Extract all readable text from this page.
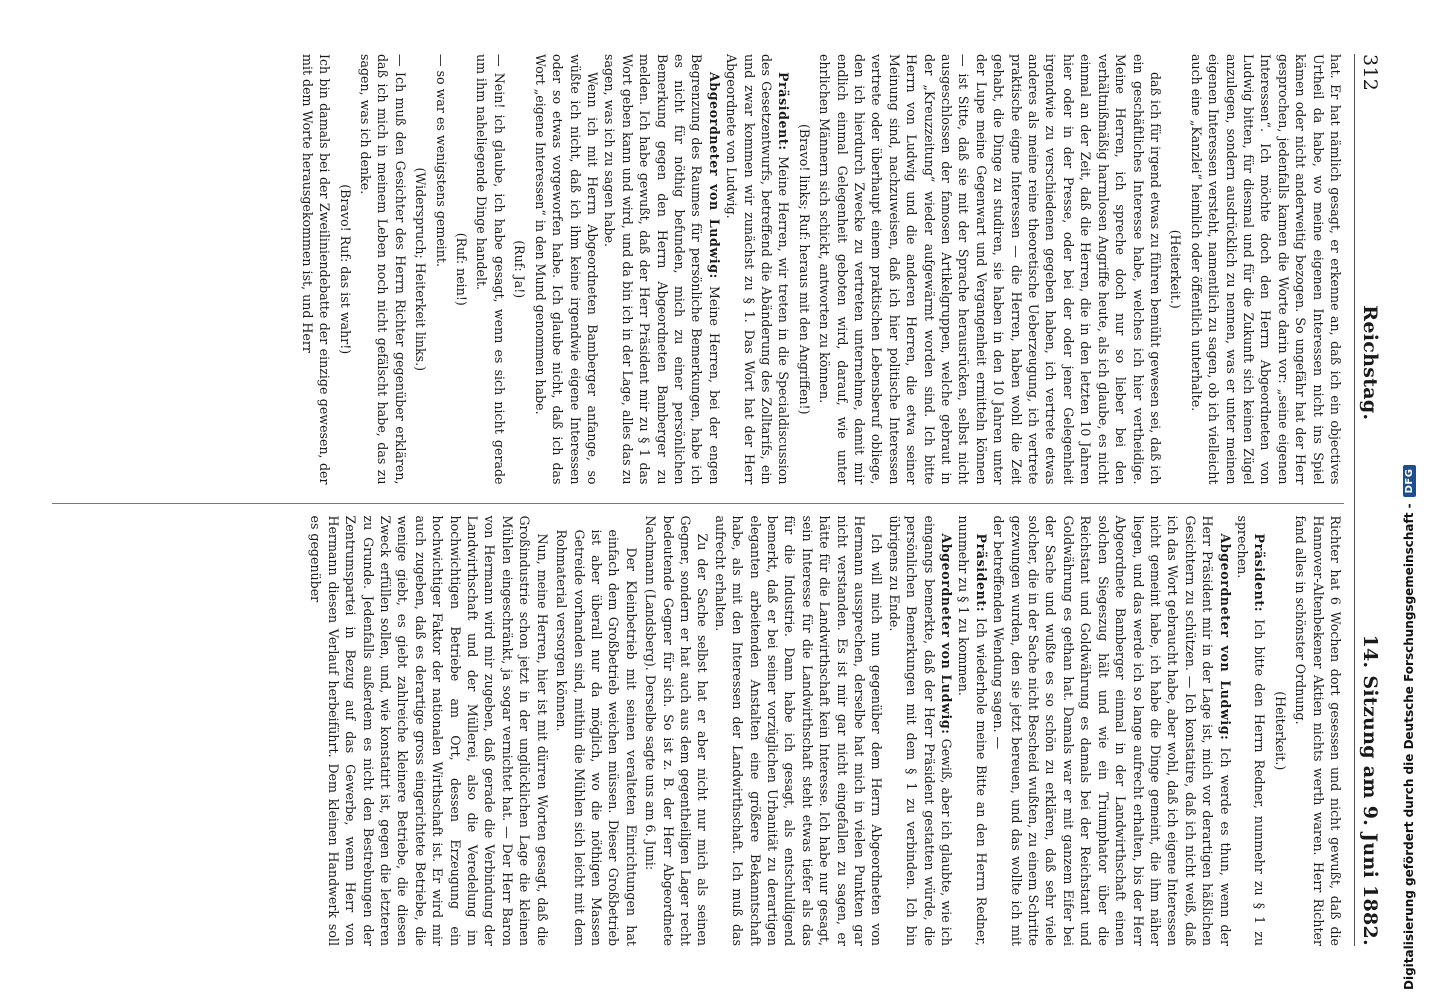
312
Reichstag.
14. Sitzung am 9. Juni 1882.

hat. Er hat nämlich gesagt, er erkenne an, daß ich ein objectives Urtheil da habe, wo meine eigenen Interessen nicht ins Spiel kämen oder nicht anderweitig bezogen. So ungefähr hat der Herr gesprochen, jedenfalls kamen die Worte darin vor: „seine eigenen Interessen“. Ich möchte doch den Herrn Abgeordneten von Ludwig bitten, für diesmal und für die Zukunft sich keinen Zügel anzulegen, sondern ausdrücklich zu nennen, was er unter meinen eigenen Interessen versteht, namentlich zu sagen, ob ich vielleicht auch eine „Kanzlei“ heimlich oder öffentlich unterhalte.

(Heiterkeit.)

daß ich für irgend etwas zu führen bemüht gewesen sei, daß ich ein geschäftliches Interesse habe, welches ich hier vertheidige. Meine Herren, ich spreche doch nur so lieber bei den verhältnißmäßig harmlosen Angriffe heute, als ich glaube, es nicht einmal an der Zeit, daß die Herren, die in den letzten 10 Jahren hier oder in der Presse, oder bei der oder jener Gelegenheit irgendwie zu verschiedenen gegeben haben, ich vertrete etwas anderes als meine reine theoretische Ueberzeugung, ich vertrete praktische eigne Interessen — die Herren, haben wohl die Zeit gehabt, die Dinge zu studiren, sie haben in den 10 Jahren unter der Lupe meine Gegenwart und Vergangenheit ermitteln können — ist Sitte, daß sie mit der Sprache herausrücken, selbst nicht ausgeschlossen der famosen Artikelgruppen, welche gebraut in der „Kreuzzeitung“ wieder aufgewärmt worden sind. Ich bitte Herrn von Ludwig und die anderen Herren, die etwa seiner Meinung sind, nachzuweisen, daß ich hier politische Interessen vertrete oder überhaupt einem praktischen Lebensberuf obliege, den ich hierdurch Zwecke zu vertreten unternehme, damit mir endlich einmal Gelegenheit geboten wird, darauf, wie unter ehrlichen Männern sich schickt, antworten zu können.

(Bravo! links; Ruf: heraus mit den Angriffen!)

Präsident: Meine Herren, wir treten in die Specialdiscussion des Gesetzentwurfs, betreffend die Abänderung des Zolltarifs, ein und zwar kommen wir zunächst zu § 1. Das Wort hat der Herr Abgeordnete von Ludwig.

Abgeordneter von Ludwig: Meine Herren, bei der engen Begrenzung des Raumes für persönliche Bemerkungen, habe ich es nicht für nöthig befunden, mich zu einer persönlichen Bemerkung gegen den Herrn Abgeordneten Bamberger zu melden. Ich habe gewußt, daß der Herr Präsident mir zu § 1 das Wort geben kann und wird, und da bin ich in der Lage, alles das zu sagen, was ich zu sagen habe.

Wenn ich mit Herrn Abgeordneten Bamberger anfange, so wüßte ich nicht, daß ich ihm keine irgendwie eigene Interessen oder so etwas vorgeworfen habe. Ich glaube nicht, daß ich das Wort „eigene Interessen“ in den Mund genommen habe.

(Ruf: Ja!)

— Nein! ich glaube, ich habe gesagt, wenn es sich nicht gerade um ihm naheliegende Dinge handelt.

(Ruf: nein!)

— so war es wenigstens gemeint.

(Widerspruch; Heiterkeit links.)

— Ich muß den Gesichter des Herrn Richter gegenüber erklären, daß ich mich in meinem Leben noch nicht gefälscht habe, das zu sagen, was ich denke.

(Bravo! Ruf: das ist wahr!)

Ich bin damals bei der Zweiliniendebatte der einzige gewesen, der mit dem Worte herausgekommen ist, und Herr

Richter hat 6 Wochen dort gesessen und nicht gewußt, daß die Hannover-Altenbekener Aktien nichts werth waren. Herr Richter fand alles in schönster Ordnung.

(Heiterkeit.)

Präsident: Ich bitte den Herrn Redner, nunmehr zu § 1 zu sprechen.

Abgeordneter von Ludwig: Ich werde es thun, wenn der Herr Präsident mir in der Lage ist, mich vor derartigen häßlichen Gesichtern zu schützen. — Ich konstatire, daß ich nicht weiß, daß ich das Wort gebraucht habe, aber wohl, daß ich eigene Interessen nicht gemeint habe, ich habe die Dinge gemeint, die ihm näher liegen, und das werde ich so lange aufrecht erhalten, bis der Herr Abgeordnete Bamberger einmal in der Landwirthschaft einen solchen Siegeszug hält und wie ein Triumphator über die Reichstant und Goldwährung es damals bei der Reichstant und Goldwährung es gethan hat. Damals war er mit ganzem Eifer bei der Sache und wußte es so schön zu erklären, daß sehr viele solcher, die in der Sache nicht Bescheid wußten, zu einem Schritte gezwungen wurden, den sie jetzt bereuen, und das wollte ich mit der betreffenden Wendung sagen. —

Präsident: Ich wiederhole meine Bitte an den Herrn Redner, nunmehr zu § 1 zu kommen.

Abgeordneter von Ludwig: Gewiß, aber ich glaubte, wie ich eingangs bemerkte, daß der Herr Präsident gestatten würde, die persönlichen Bemerkungen mit dem § 1 zu verbinden. Ich bin übrigens zu Ende.

Ich will mich nun gegenüber dem Herrn Abgeordneten von Hermann aussprechen, derselbe hat mich in vielen Punkten gar nicht verstanden. Es ist mir gar nicht eingefallen zu sagen, er hätte für die Landwirthschaft kein Interesse. Ich habe nur gesagt, sein Interesse für die Landwirthschaft steht etwas tiefer als das für die Industrie. Dann habe ich gesagt, als entschuldigend bemerkt, daß er bei seiner vorzüglichen Urbanität zu derartigen eleganten arbeitenden Anstalten eine größere Bekanntschaft habe, als mit den Interessen der Landwirthschaft. Ich muß das aufrecht erhalten.

Zu der Sache selbst hat er aber nicht nur mich als seinen Gegner, sondern er hat auch aus dem gegentheiligen Lager recht bedeutende Gegner für sich. So ist z. B. der Herr Abgeordnete Nachmann (Landsberg). Derselbe sagte uns am 6. Juni:

Der Kleinbetrieb mit seinen veralteten Einrichtungen hat einfach dem Großbetrieb weichen müssen. Dieser Großbetrieb ist aber überall nur da möglich, wo die nöthigen Massen Getreide vorhanden sind, mithin die Mühlen sich leicht mit dem Rohmaterial versorgen können.

Nun, meine Herren, hier ist mit dürren Worten gesagt, daß die Großindustrie schon jetzt in der unglücklichen Lage die kleinen Mühlen eingeschränkt, ja sogar vernichtet hat. — Der Herr Baron von Hermann wird mir zugeben, daß gerade die Verbindung der Landwirthschaft und der Müllerei, also die Veredelung im hochwichtigen Betriebe am Ort, dessen Erzeugung ein hochwichtiger Faktor der nationalen Wirthschaft ist. Er wird mir auch zugeben, daß es derartige gross eingerichtete Betriebe, die wenige giebt, es giebt zahlreiche kleinere Betriebe, die diesen Zweck erfüllen sollen, und, wie konstatirt ist, gegen die letzteren zu Grunde. Jedenfalls außerdem es nicht den Bestrebungen der Zentrumspartei in Bezug auf das Gewerbe, wenn Herr von Hermann diesen Verlauf herbeiführt. Dem kleinen Handwerk soll es gegenüber	Digitalisierung gefördert durch die Deutsche Forschungsgemeinschaft -
DFG
